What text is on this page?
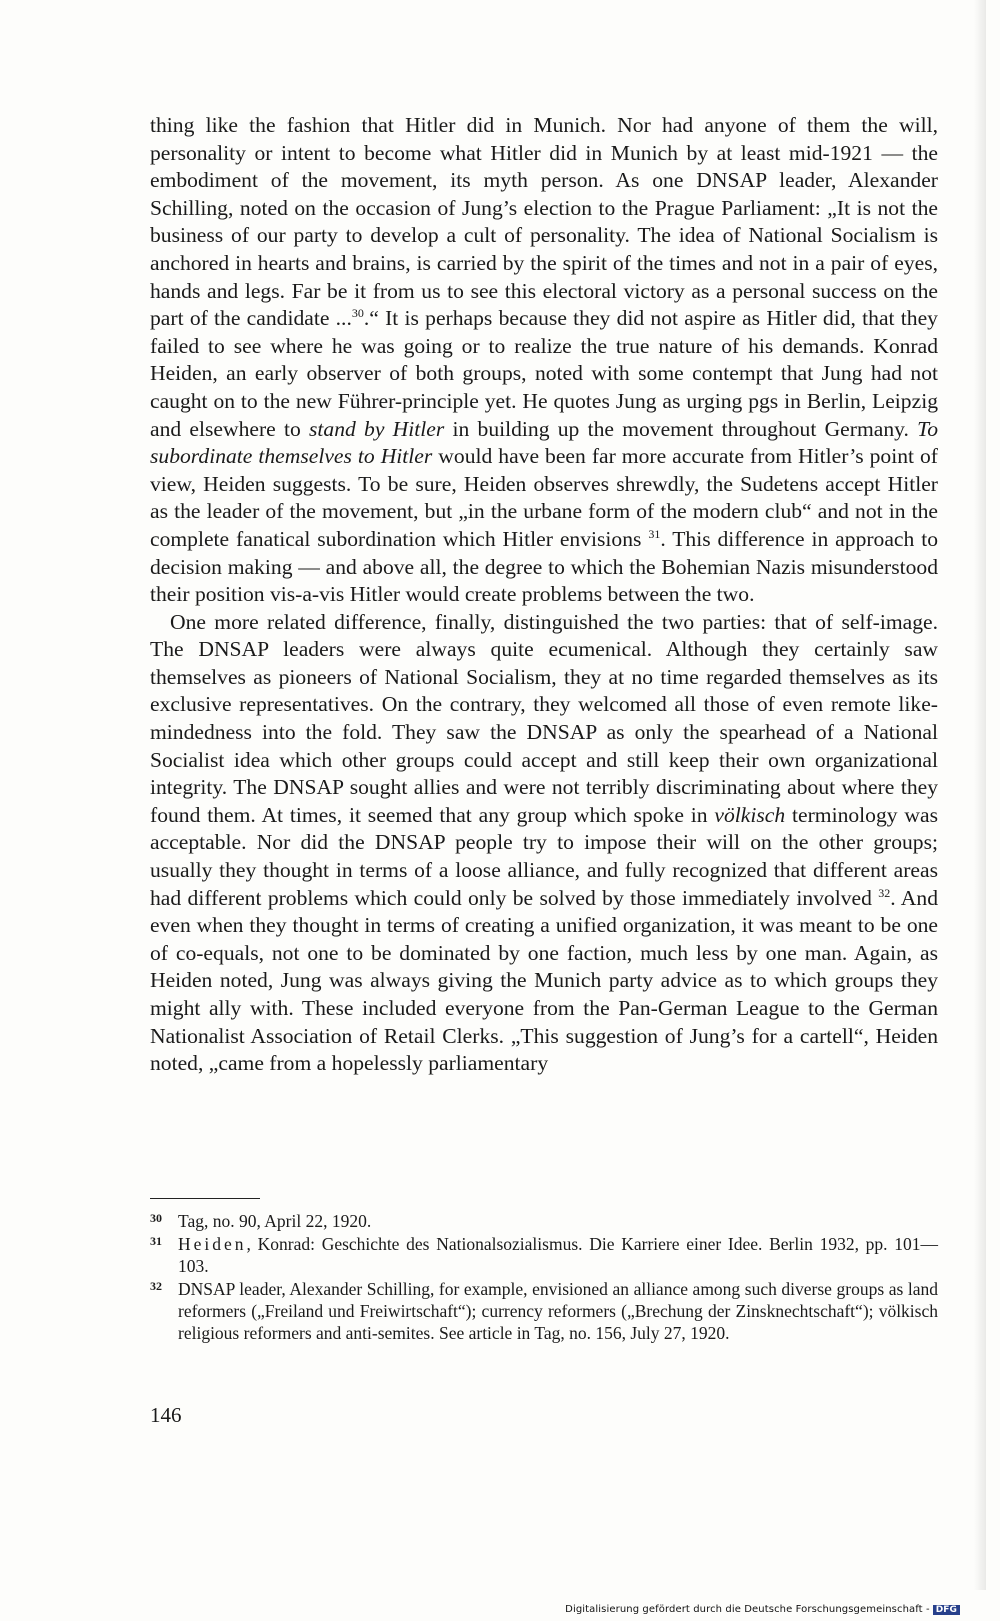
thing like the fashion that Hitler did in Munich. Nor had anyone of them the will, personality or intent to become what Hitler did in Munich by at least mid-1921 — the embodiment of the movement, its myth person. As one DNSAP leader, Alexander Schilling, noted on the occasion of Jung’s election to the Prague Parliament: „It is not the business of our party to develop a cult of personality. The idea of National Socialism is anchored in hearts and brains, is carried by the spirit of the times and not in a pair of eyes, hands and legs. Far be it from us to see this electoral victory as a personal success on the part of the candidate ...$^{30}$.“ It is perhaps because they did not aspire as Hitler did, that they failed to see where he was going or to realize the true nature of his demands. Konrad Heiden, an early observer of both groups, noted with some contempt that Jung had not caught on to the new Führer-principle yet. He quotes Jung as urging pgs in Berlin, Leipzig and elsewhere to stand by Hitler in building up the movement throughout Germany. To subordinate themselves to Hitler would have been far more accurate from Hitler’s point of view, Heiden suggests. To be sure, Heiden observes shrewdly, the Sudetens accept Hitler as the leader of the movement, but „in the urbane form of the modern club“ and not in the complete fanatical subordination which Hitler envisions $^{31}$. This difference in approach to decision making — and above all, the degree to which the Bohemian Nazis misunderstood their position vis-a-vis Hitler would create problems between the two.

One more related difference, finally, distinguished the two parties: that of self-image. The DNSAP leaders were always quite ecumenical. Although they certainly saw themselves as pioneers of National Socialism, they at no time regarded themselves as its exclusive representatives. On the contrary, they welcomed all those of even remote like-mindedness into the fold. They saw the DNSAP as only the spearhead of a National Socialist idea which other groups could accept and still keep their own organizational integrity. The DNSAP sought allies and were not terribly discriminating about where they found them. At times, it seemed that any group which spoke in völkisch terminology was acceptable. Nor did the DNSAP people try to impose their will on the other groups; usually they thought in terms of a loose alliance, and fully recognized that different areas had different problems which could only be solved by those immediately involved $^{32}$. And even when they thought in terms of creating a unified organization, it was meant to be one of co-equals, not one to be dominated by one faction, much less by one man. Again, as Heiden noted, Jung was always giving the Munich party advice as to which groups they might ally with. These included everyone from the Pan-German League to the German Nationalist Association of Retail Clerks. „This suggestion of Jung’s for a cartell“, Heiden noted, „came from a hopelessly parliamentary

30 Tag, no. 90, April 22, 1920.
31 Heiden, Konrad: Geschichte des Nationalsozialismus. Die Karriere einer Idee. Berlin 1932, pp. 101—103.
32 DNSAP leader, Alexander Schilling, for example, envisioned an alliance among such diverse groups as land reformers („Freiland und Freiwirtschaft“); currency reformers („Brechung der Zinsknechtschaft“); völkisch religious reformers and anti-semites. See article in Tag, no. 156, July 27, 1920.
146
Digitalisierung gefördert durch die Deutsche Forschungsgemeinschaft - DFG
